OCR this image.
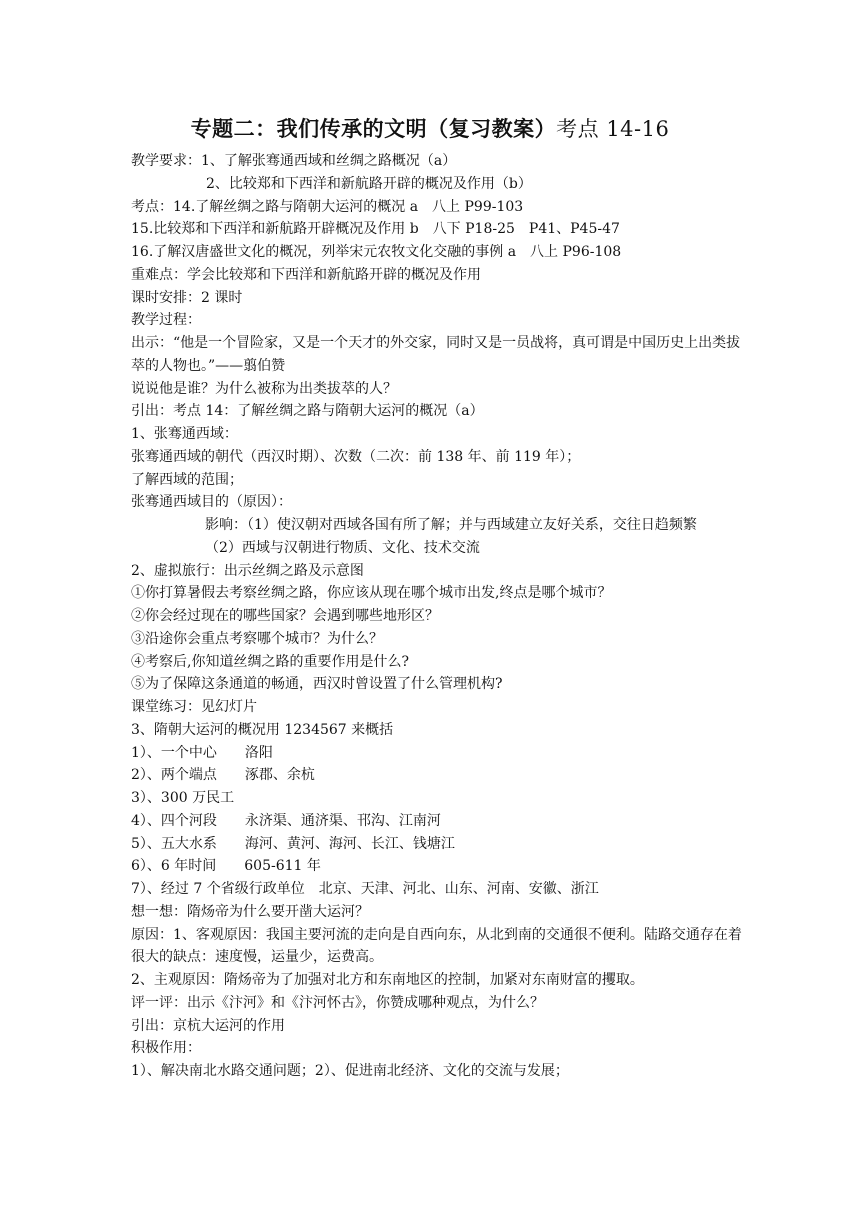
专题二：我们传承的文明（复习教案）考点 14-16
教学要求：1、了解张骞通西域和丝绸之路概况（a）
2、比较郑和下西洋和新航路开辟的概况及作用（b）
考点：14.了解丝绸之路与隋朝大运河的概况 a　八上 P99-103
15.比较郑和下西洋和新航路开辟概况及作用 b　八下 P18-25　P41、P45-47
16.了解汉唐盛世文化的概况，列举宋元农牧文化交融的事例 a　八上 P96-108
重难点：学会比较郑和下西洋和新航路开辟的概况及作用
课时安排：2 课时
教学过程：
出示：“他是一个冒险家，又是一个天才的外交家，同时又是一员战将，真可谓是中国历史上出类拔萃的人物也。”——翦伯赞
说说他是谁？为什么被称为出类拔萃的人？
引出：考点 14：了解丝绸之路与隋朝大运河的概况（a）
1、张骞通西域：
张骞通西域的朝代（西汉时期）、次数（二次：前 138 年、前 119 年）；
了解西域的范围；
张骞通西域目的（原因）：
影响：（1）使汉朝对西域各国有所了解；并与西域建立友好关系，交往日趋频繁
（2）西域与汉朝进行物质、文化、技术交流
2、虚拟旅行：出示丝绸之路及示意图
①你打算暑假去考察丝绸之路，你应该从现在哪个城市出发,终点是哪个城市？
②你会经过现在的哪些国家？会遇到哪些地形区？
③沿途你会重点考察哪个城市？为什么？
④考察后,你知道丝绸之路的重要作用是什么?
⑤为了保障这条通道的畅通，西汉时曾设置了什么管理机构?
课堂练习：见幻灯片
3、隋朝大运河的概况用 1234567 来概括
1）、一个中心　　洛阳
2）、两个端点　　涿郡、余杭
3）、300 万民工
4）、四个河段　　永济渠、通济渠、邗沟、江南河
5）、五大水系　　海河、黄河、海河、长江、钱塘江
6）、6 年时间　　605-611 年
7）、经过 7 个省级行政单位　北京、天津、河北、山东、河南、安徽、浙江
想一想：隋炀帝为什么要开凿大运河？
原因：1、客观原因：我国主要河流的走向是自西向东，从北到南的交通很不便利。陆路交通存在着很大的缺点：速度慢，运量少，运费高。
2、主观原因：隋炀帝为了加强对北方和东南地区的控制，加紧对东南财富的攫取。
评一评：出示《汴河》和《汴河怀古》，你赞成哪种观点，为什么？
引出：京杭大运河的作用
积极作用：
1）、解决南北水路交通问题；2）、促进南北经济、文化的交流与发展；
